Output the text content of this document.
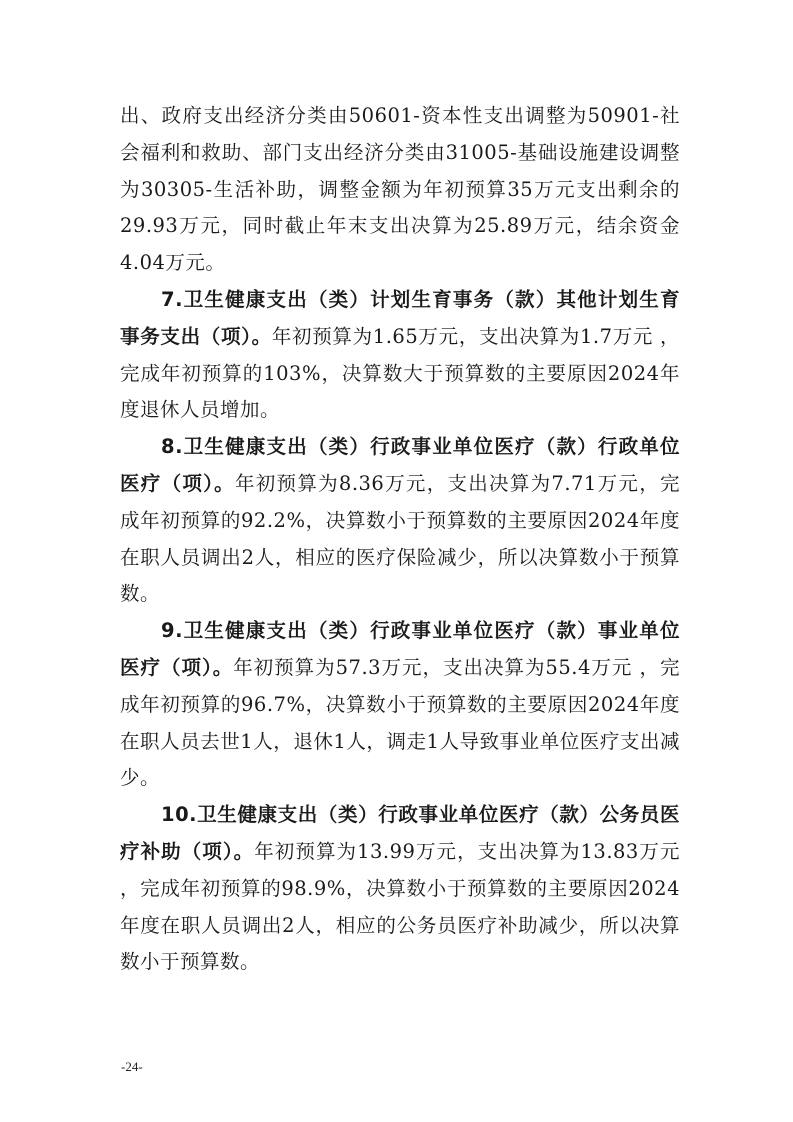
出、政府支出经济分类由50601-资本性支出调整为50901-社会福利和救助、部门支出经济分类由31005-基础设施建设调整为30305-生活补助，调整金额为年初预算35万元支出剩余的29.93万元，同时截止年末支出决算为25.89万元，结余资金4.04万元。

7.卫生健康支出（类）计划生育事务（款）其他计划生育事务支出（项）。年初预算为1.65万元，支出决算为1.7万元 ，完成年初预算的103%，决算数大于预算数的主要原因2024年度退休人员增加。

8.卫生健康支出（类）行政事业单位医疗（款）行政单位医疗（项）。年初预算为8.36万元，支出决算为7.71万元，完成年初预算的92.2%，决算数小于预算数的主要原因2024年度在职人员调出2人，相应的医疗保险减少，所以决算数小于预算数。

9.卫生健康支出（类）行政事业单位医疗（款）事业单位医疗（项）。年初预算为57.3万元，支出决算为55.4万元 ，完成年初预算的96.7%，决算数小于预算数的主要原因2024年度在职人员去世1人，退休1人，调走1人导致事业单位医疗支出减少。

10.卫生健康支出（类）行政事业单位医疗（款）公务员医疗补助（项）。年初预算为13.99万元，支出决算为13.83万元 ，完成年初预算的98.9%，决算数小于预算数的主要原因2024年度在职人员调出2人，相应的公务员医疗补助减少，所以决算数小于预算数。

-24-
